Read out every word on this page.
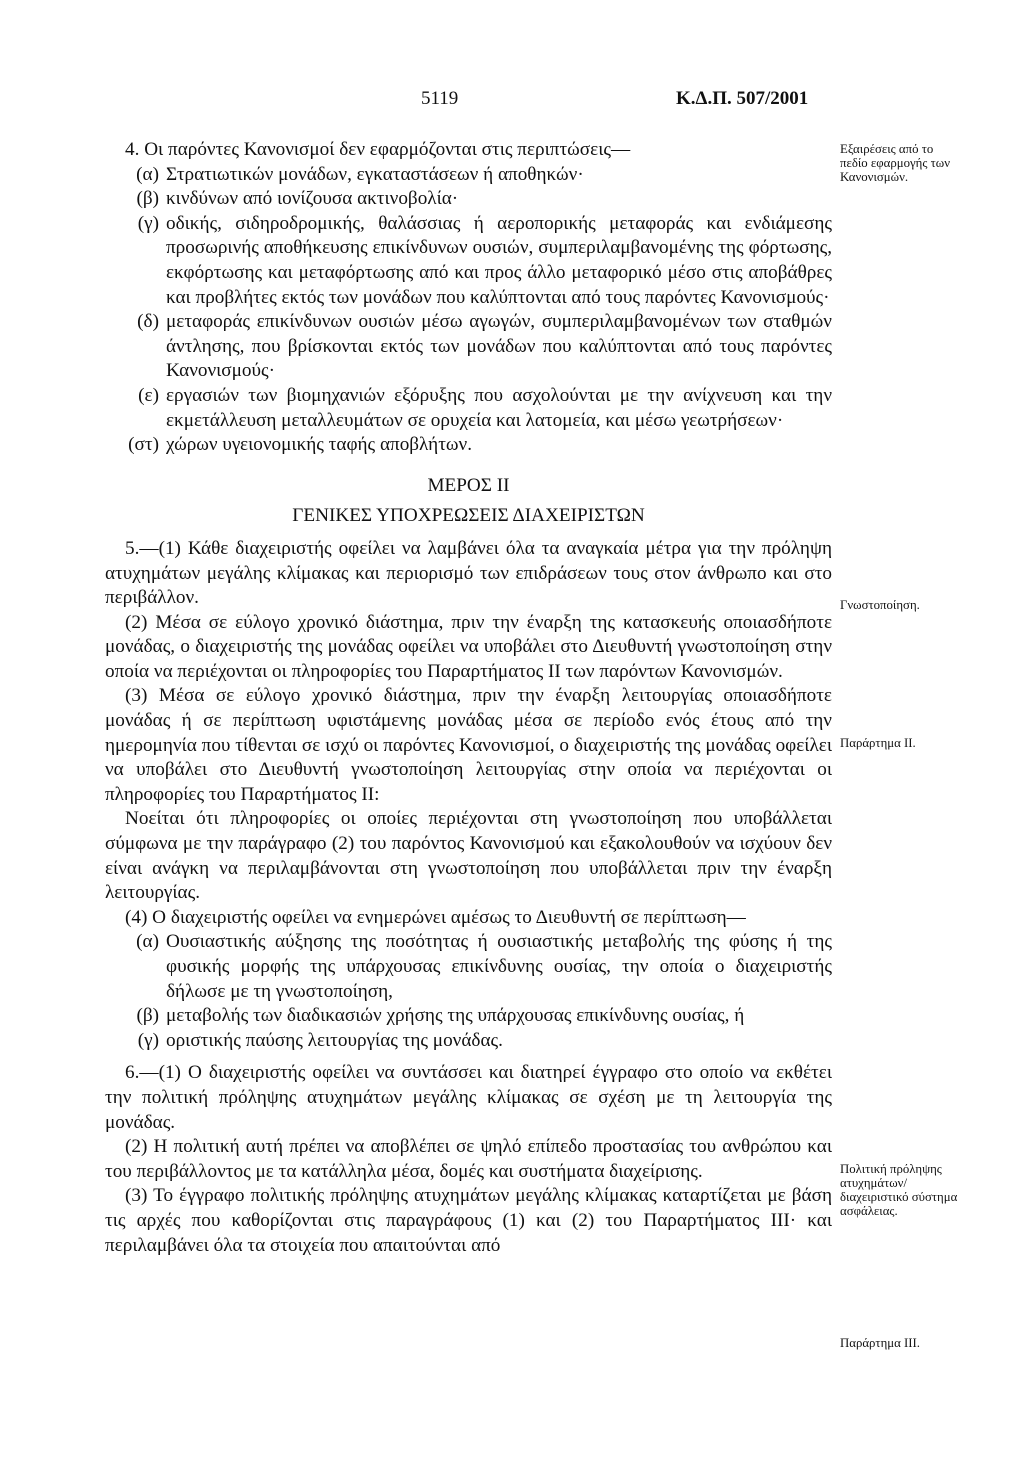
5119	Κ.Δ.Π. 507/2001

4. Οι παρόντες Κανονισμοί δεν εφαρμόζονται στις περιπτώσεις—

(α) Στρατιωτικών μονάδων, εγκαταστάσεων ή αποθηκών·
(β) κινδύνων από ιονίζουσα ακτινοβολία·
(γ) οδικής, σιδηροδρομικής, θαλάσσιας ή αεροπορικής μεταφοράς και ενδιάμεσης προσωρινής αποθήκευσης επικίνδυνων ουσιών, συμπεριλαμβανομένης της φόρτωσης, εκφόρτωσης και μεταφόρτωσης από και προς άλλο μεταφορικό μέσο στις αποβάθρες και προβλήτες εκτός των μονάδων που καλύπτονται από τους παρόντες Κανονισμούς·
(δ) μεταφοράς επικίνδυνων ουσιών μέσω αγωγών, συμπεριλαμβανομένων των σταθμών άντλησης, που βρίσκονται εκτός των μονάδων που καλύπτονται από τους παρόντες Κανονισμούς·
(ε) εργασιών των βιομηχανιών εξόρυξης που ασχολούνται με την ανίχνευση και την εκμετάλλευση μεταλλευμάτων σε ορυχεία και λατομεία, και μέσω γεωτρήσεων·
(στ) χώρων υγειονομικής ταφής αποβλήτων.

ΜΕΡΟΣ ΙΙ

ΓΕΝΙΚΕΣ ΥΠΟΧΡΕΩΣΕΙΣ ΔΙΑΧΕΙΡΙΣΤΩΝ

5.—(1) Κάθε διαχειριστής οφείλει να λαμβάνει όλα τα αναγκαία μέτρα για την πρόληψη ατυχημάτων μεγάλης κλίμακας και περιορισμό των επιδράσεων τους στον άνθρωπο και στο περιβάλλον.

(2) Μέσα σε εύλογο χρονικό διάστημα, πριν την έναρξη της κατασκευής οποιασδήποτε μονάδας, ο διαχειριστής της μονάδας οφείλει να υποβάλει στο Διευθυντή γνωστοποίηση στην οποία να περιέχονται οι πληροφορίες του Παραρτήματος ΙΙ των παρόντων Κανονισμών.

(3) Μέσα σε εύλογο χρονικό διάστημα, πριν την έναρξη λειτουργίας οποιασδήποτε μονάδας ή σε περίπτωση υφιστάμενης μονάδας μέσα σε περίοδο ενός έτους από την ημερομηνία που τίθενται σε ισχύ οι παρόντες Κανονισμοί, ο διαχειριστής της μονάδας οφείλει να υποβάλει στο Διευθυντή γνωστοποίηση λειτουργίας στην οποία να περιέχονται οι πληροφορίες του Παραρτήματος ΙΙ:

Νοείται ότι πληροφορίες οι οποίες περιέχονται στη γνωστοποίηση που υποβάλλεται σύμφωνα με την παράγραφο (2) του παρόντος Κανονισμού και εξακολουθούν να ισχύουν δεν είναι ανάγκη να περιλαμβάνονται στη γνωστοποίηση που υποβάλλεται πριν την έναρξη λειτουργίας.

(4) Ο διαχειριστής οφείλει να ενημερώνει αμέσως το Διευθυντή σε περίπτωση—

(α) Ουσιαστικής αύξησης της ποσότητας ή ουσιαστικής μεταβολής της φύσης ή της φυσικής μορφής της υπάρχουσας επικίνδυνης ουσίας, την οποία ο διαχειριστής δήλωσε με τη γνωστοποίηση,
(β) μεταβολής των διαδικασιών χρήσης της υπάρχουσας επικίνδυνης ουσίας, ή
(γ) οριστικής παύσης λειτουργίας της μονάδας.

6.—(1) Ο διαχειριστής οφείλει να συντάσσει και διατηρεί έγγραφο στο οποίο να εκθέτει την πολιτική πρόληψης ατυχημάτων μεγάλης κλίμακας σε σχέση με τη λειτουργία της μονάδας.

(2) Η πολιτική αυτή πρέπει να αποβλέπει σε ψηλό επίπεδο προστασίας του ανθρώπου και του περιβάλλοντος με τα κατάλληλα μέσα, δομές και συστήματα διαχείρισης.

(3) Το έγγραφο πολιτικής πρόληψης ατυχημάτων μεγάλης κλίμακας καταρτίζεται με βάση τις αρχές που καθορίζονται στις παραγράφους (1) και (2) του Παραρτήματος ΙΙΙ· και περιλαμβάνει όλα τα στοιχεία που απαιτούνται από

Εξαιρέσεις από το πεδίο εφαρμογής των Κανονισμών.
Γνωστοποίηση.
Παράρτημα ΙΙ.
Πολιτική πρόληψης ατυχημάτων/ διαχειριστικό σύστημα ασφάλειας.
Παράρτημα ΙΙΙ.
